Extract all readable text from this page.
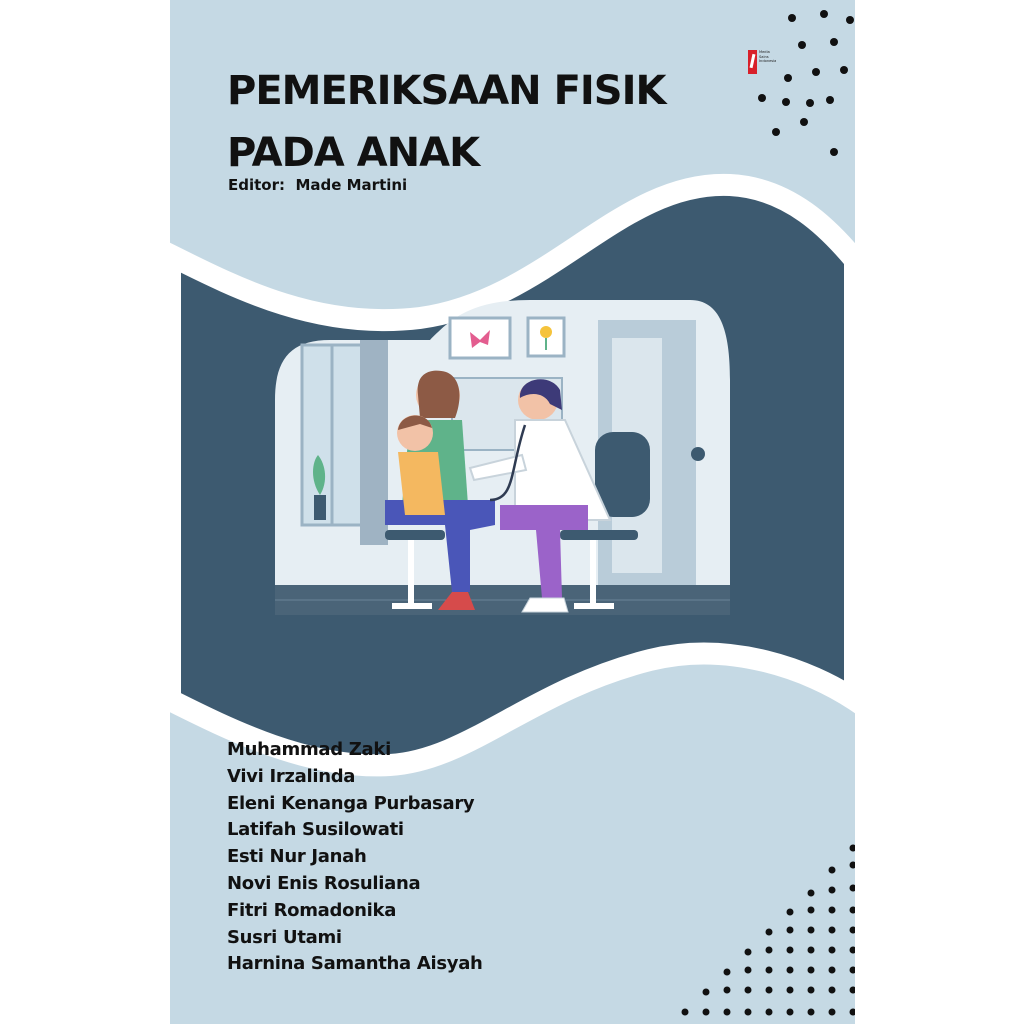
Media
Sains
Indonesia
PEMERIKSAAN FISIK
PADA ANAK
Editor:  Made Martini
Muhammad Zaki
Vivi Irzalinda
Eleni Kenanga Purbasary
Latifah Susilowati
Esti Nur Janah
Novi Enis Rosuliana
Fitri Romadonika
Susri Utami
Harnina Samantha Aisyah
